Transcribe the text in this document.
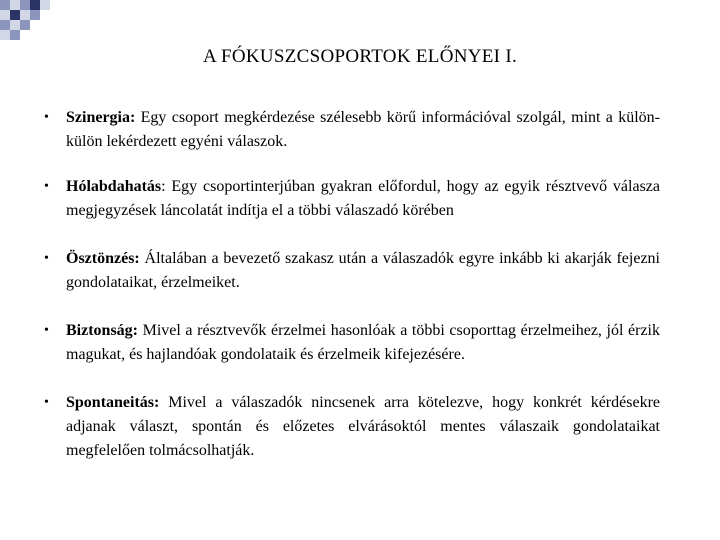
A FÓKUSZCSOPORTOK ELŐNYEI I.
• Szinergia: Egy csoport megkérdezése szélesebb körű információval szolgál, mint a külön-külön lekérdezett egyéni válaszok.
• Hólabdahatás: Egy csoportinterjúban gyakran előfordul, hogy az egyik résztvevő válasza megjegyzések láncolatát indítja el a többi válaszadó körében
• Ösztönzés: Általában a bevezető szakasz után a válaszadók egyre inkább ki akarják fejezni gondolataikat, érzelmeiket.
• Biztonság: Mivel a résztvevők érzelmei hasonlóak a többi csoporttag érzelmeihez, jól érzik magukat, és hajlandóak gondolataik és érzelmeik kifejezésére.
• Spontaneitás: Mivel a válaszadók nincsenek arra kötelezve, hogy konkrét kérdésekre adjanak választ, spontán és előzetes elvárásoktól mentes válaszaik gondolataikat megfelelően tolmácsolhatják.
